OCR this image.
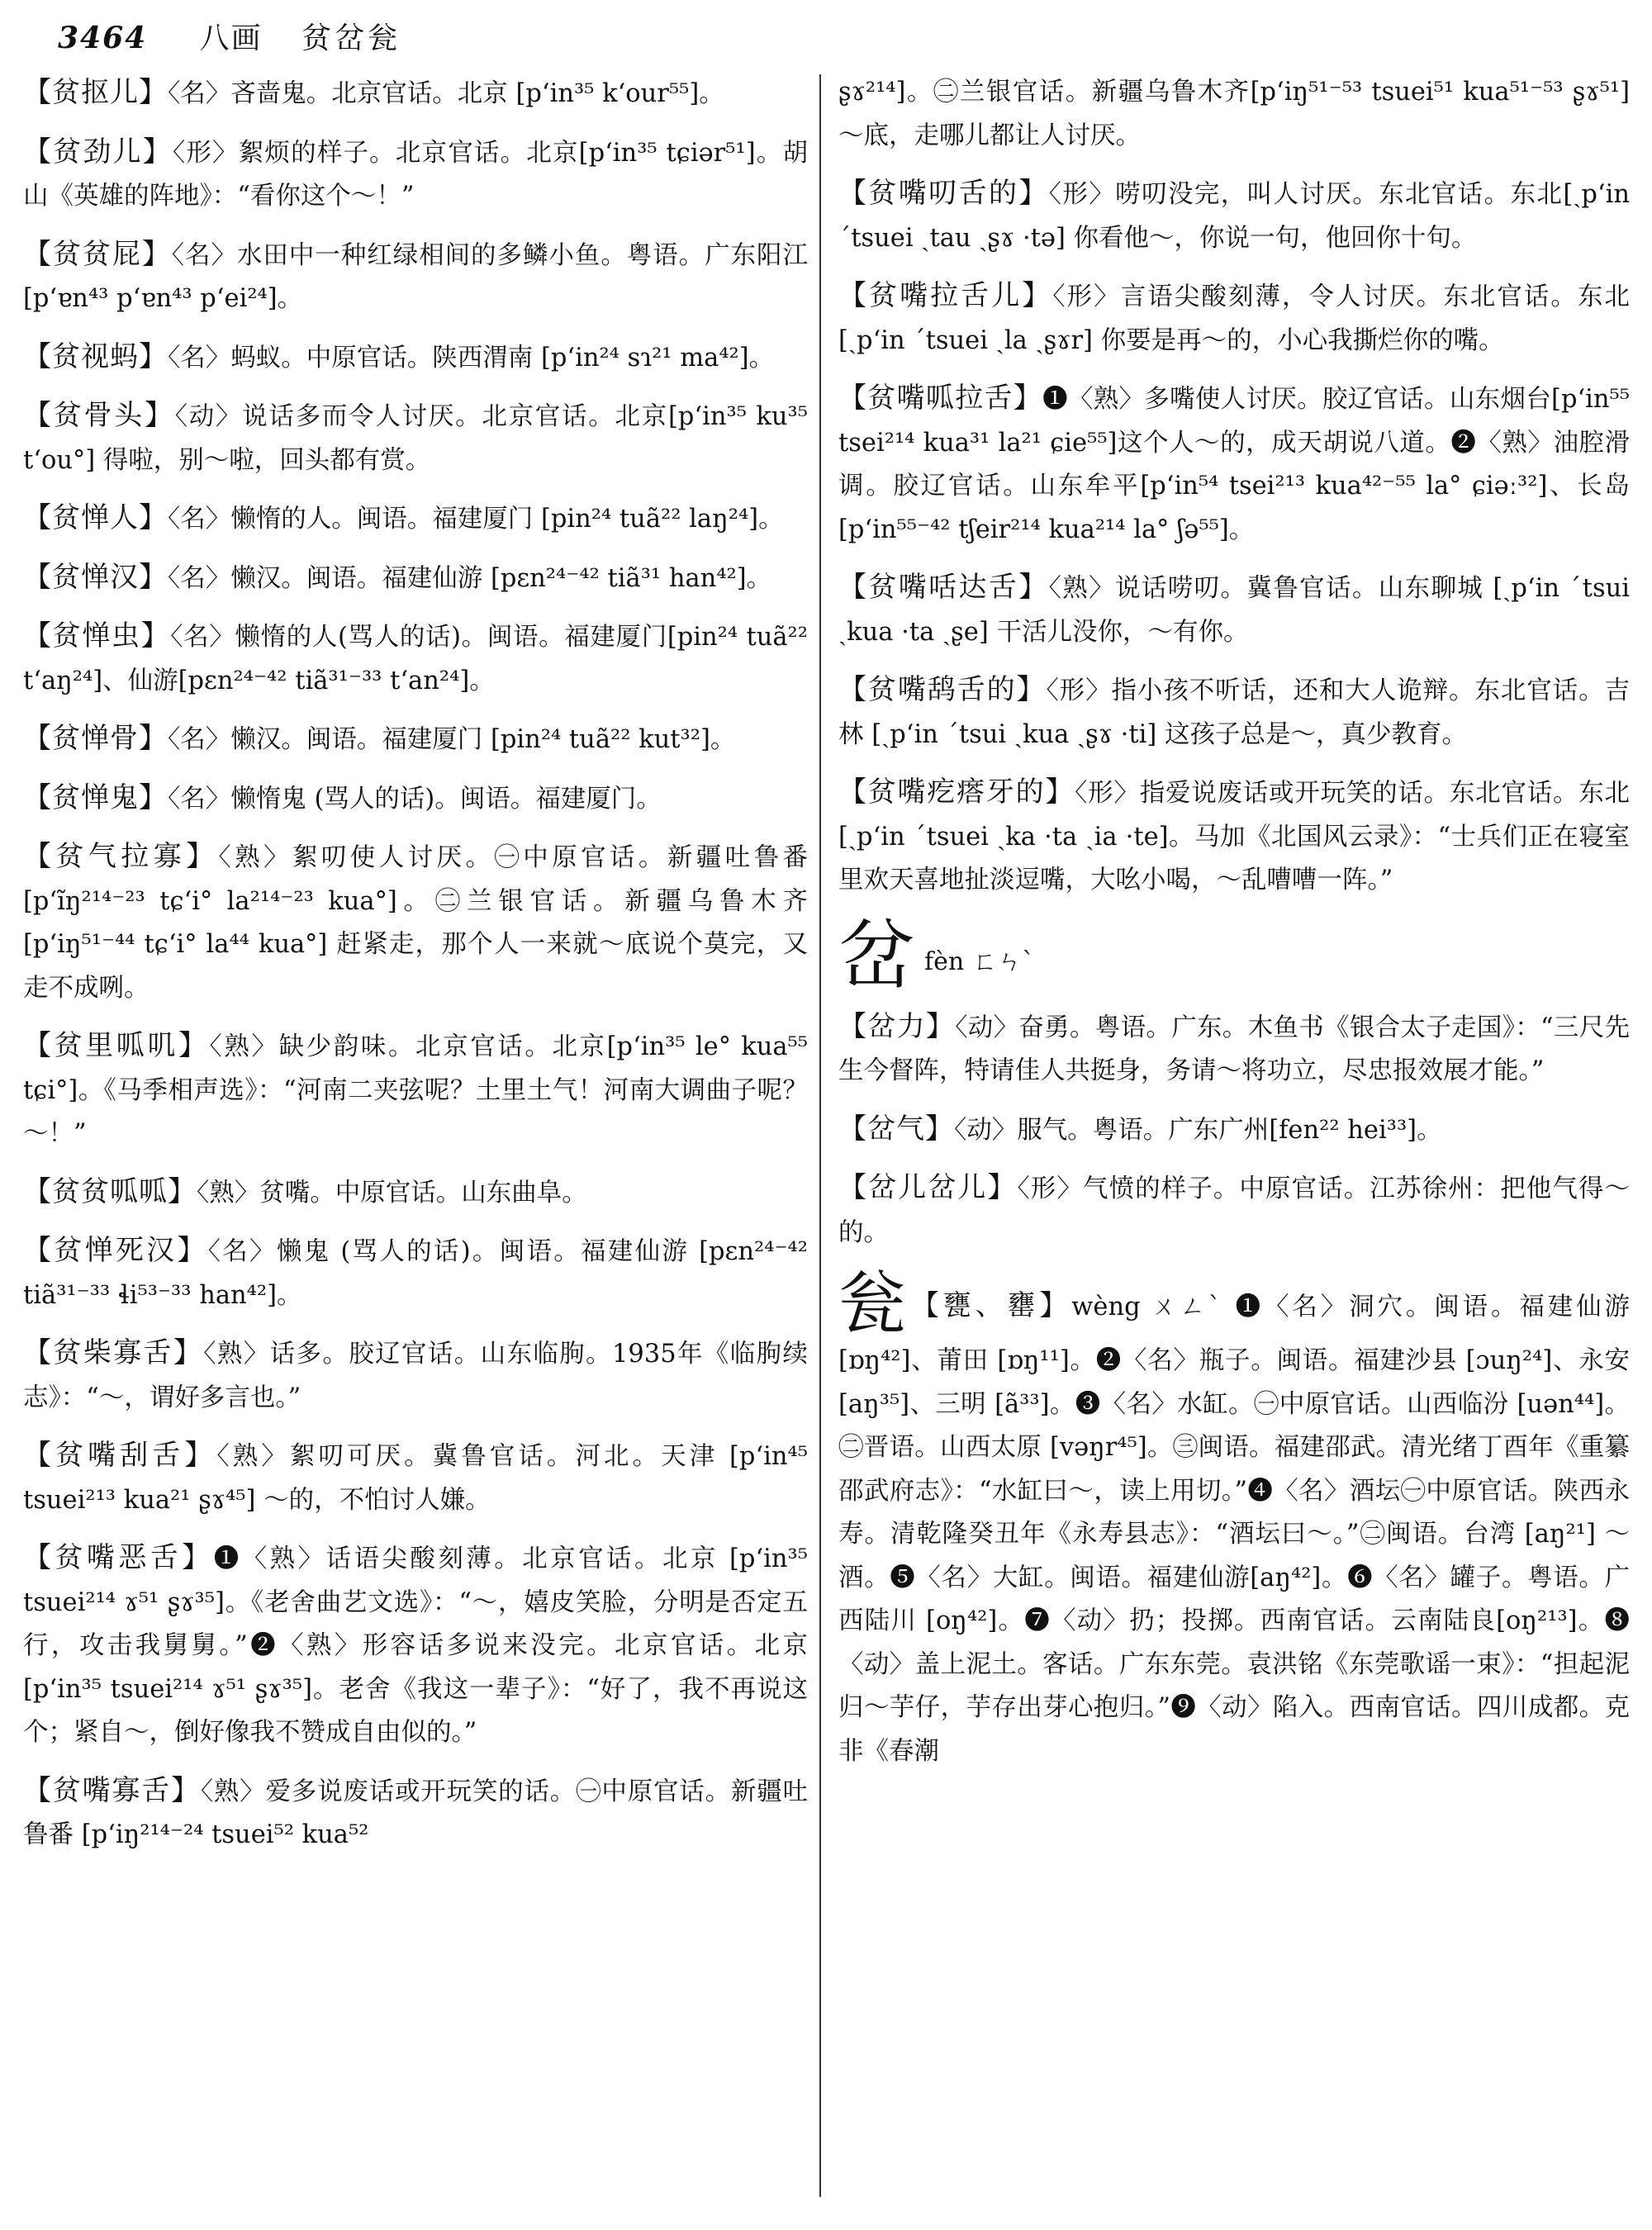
3464 八画 贫岔瓮
【贫抠儿】〈名〉吝啬鬼。北京官话。北京 [p‘in³⁵ k‘our⁵⁵]。
【贫劲儿】〈形〉絮烦的样子。北京官话。北京[p‘in³⁵ tɕiər⁵¹]。胡山《英雄的阵地》：“看你这个～！”
【贫贫屁】〈名〉水田中一种红绿相间的多鳞小鱼。粤语。广东阳江 [p‘ɐn⁴³ p‘ɐn⁴³ p‘ei²⁴]。
【贫视蚂】〈名〉蚂蚁。中原官话。陕西渭南 [p‘in²⁴ sɿ²¹ ma⁴²]。
【贫骨头】〈动〉说话多而令人讨厌。北京官话。北京[p‘in³⁵ ku³⁵ t‘ou°] 得啦，别～啦，回头都有赏。
【贫惮人】〈名〉懒惰的人。闽语。福建厦门 [pin²⁴ tuã²² laŋ²⁴]。
【贫惮汉】〈名〉懒汉。闽语。福建仙游 [pɛn²⁴⁻⁴² tiã³¹ han⁴²]。
【贫惮虫】〈名〉懒惰的人(骂人的话)。闽语。福建厦门[pin²⁴ tuã²² t‘aŋ²⁴]、仙游[pɛn²⁴⁻⁴² tiã³¹⁻³³ t‘an²⁴]。
【贫惮骨】〈名〉懒汉。闽语。福建厦门 [pin²⁴ tuã²² kut³²]。
【贫惮鬼】〈名〉懒惰鬼 (骂人的话)。闽语。福建厦门。
【贫气拉寡】〈熟〉絮叨使人讨厌。㊀中原官话。新疆吐鲁番 [p‘ĩŋ²¹⁴⁻²³ tɕ‘i° la²¹⁴⁻²³ kua°]。㊁兰银官话。新疆乌鲁木齐 [p‘iŋ⁵¹⁻⁴⁴ tɕ‘i° la⁴⁴ kua°] 赶紧走，那个人一来就～底说个莫完，又走不成咧。
【贫里呱叽】〈熟〉缺少韵味。北京官话。北京[p‘in³⁵ le° kua⁵⁵ tɕi°]。《马季相声选》：“河南二夹弦呢？土里土气！河南大调曲子呢？～！”
【贫贫呱呱】〈熟〉贫嘴。中原官话。山东曲阜。
【贫惮死汉】〈名〉懒鬼 (骂人的话)。闽语。福建仙游 [pɛn²⁴⁻⁴² tiã³¹⁻³³ ɬi⁵³⁻³³ han⁴²]。
【贫柴寡舌】〈熟〉话多。胶辽官话。山东临朐。1935年《临朐续志》：“～，谓好多言也。”
【贫嘴刮舌】〈熟〉絮叨可厌。冀鲁官话。河北。天津 [p‘in⁴⁵ tsuei²¹³ kua²¹ ʂɤ⁴⁵] ～的，不怕讨人嫌。
【贫嘴恶舌】❶〈熟〉话语尖酸刻薄。北京官话。北京 [p‘in³⁵ tsuei²¹⁴ ɤ⁵¹ ʂɤ³⁵]。《老舍曲艺文选》：“～，嬉皮笑脸，分明是否定五行，攻击我舅舅。”❷〈熟〉形容话多说来没完。北京官话。北京 [p‘in³⁵ tsuei²¹⁴ ɤ⁵¹ ʂɤ³⁵]。老舍《我这一辈子》：“好了，我不再说这个；紧自～，倒好像我不赞成自由似的。”
【贫嘴寡舌】〈熟〉爱多说废话或开玩笑的话。㊀中原官话。新疆吐鲁番 [p‘iŋ²¹⁴⁻²⁴ tsuei⁵² kua⁵²
ʂɤ²¹⁴]。㊁兰银官话。新疆乌鲁木齐[p‘iŋ⁵¹⁻⁵³ tsuei⁵¹ kua⁵¹⁻⁵³ ʂɤ⁵¹] ～底，走哪儿都让人讨厌。
【贫嘴叨舌的】〈形〉唠叨没完，叫人讨厌。东北官话。东北[ˏp‘in ˊtsuei ˏtau ˏʂɤ ·tə] 你看他～，你说一句，他回你十句。
【贫嘴拉舌儿】〈形〉言语尖酸刻薄，令人讨厌。东北官话。东北[ˏp‘in ˊtsuei ˏla ˏʂɤr] 你要是再～的，小心我撕烂你的嘴。
【贫嘴呱拉舌】❶〈熟〉多嘴使人讨厌。胶辽官话。山东烟台[p‘in⁵⁵ tsei²¹⁴ kua³¹ la²¹ ɕie⁵⁵]这个人～的，成天胡说八道。❷〈熟〉油腔滑调。胶辽官话。山东牟平[p‘in⁵⁴ tsei²¹³ kua⁴²⁻⁵⁵ la° ɕiəː³²]、长岛 [p‘in⁵⁵⁻⁴² tʃeir²¹⁴ kua²¹⁴ la° ʃə⁵⁵]。
【贫嘴咶达舌】〈熟〉说话唠叨。冀鲁官话。山东聊城 [ˏp‘in ˊtsui ˏkua ·ta ˏʂe] 干活儿没你，～有你。
【贫嘴鸹舌的】〈形〉指小孩不听话，还和大人诡辩。东北官话。吉林 [ˏp‘in ˊtsui ˏkua ˏʂɤ ·ti] 这孩子总是～，真少教育。
【贫嘴疙瘩牙的】〈形〉指爱说废话或开玩笑的话。东北官话。东北[ˏp‘in ˊtsuei ˏka ·ta ˏia ·te]。马加《北国风云录》：“士兵们正在寝室里欢天喜地扯淡逗嘴，大吆小喝，～乱嘈嘈一阵。”
岔fèn ㄈㄣˋ
【岔力】〈动〉奋勇。粤语。广东。木鱼书《银合太子走国》：“三尺先生今督阵，特请佳人共挺身，务请～将功立，尽忠报效展才能。”
【岔气】〈动〉服气。粤语。广东广州[fen²² hei³³]。
【岔儿岔儿】〈形〉气愤的样子。中原官话。江苏徐州：把他气得～的。
瓮【甕、罋】wèng ㄨㄥˋ ❶〈名〉洞穴。闽语。福建仙游 [ɒŋ⁴²]、莆田 [ɒŋ¹¹]。❷〈名〉瓶子。闽语。福建沙县 [ɔuŋ²⁴]、永安 [aŋ³⁵]、三明 [ã³³]。❸〈名〉水缸。㊀中原官话。山西临汾 [uən⁴⁴]。㊁晋语。山西太原 [vəŋr⁴⁵]。㊂闽语。福建邵武。清光绪丁酉年《重纂邵武府志》：“水缸曰～，读上用切。”❹〈名〉酒坛㊀中原官话。陕西永寿。清乾隆癸丑年《永寿县志》：“酒坛曰～。”㊁闽语。台湾 [aŋ²¹] ～酒。❺〈名〉大缸。闽语。福建仙游[aŋ⁴²]。❻〈名〉罐子。粤语。广西陆川 [oŋ⁴²]。❼〈动〉扔；投掷。西南官话。云南陆良[oŋ²¹³]。❽〈动〉盖上泥土。客话。广东东莞。袁洪铭《东莞歌谣一束》：“担起泥归～芋仔，芋存出芽心抱归。”❾〈动〉陷入。西南官话。四川成都。克非《春潮
